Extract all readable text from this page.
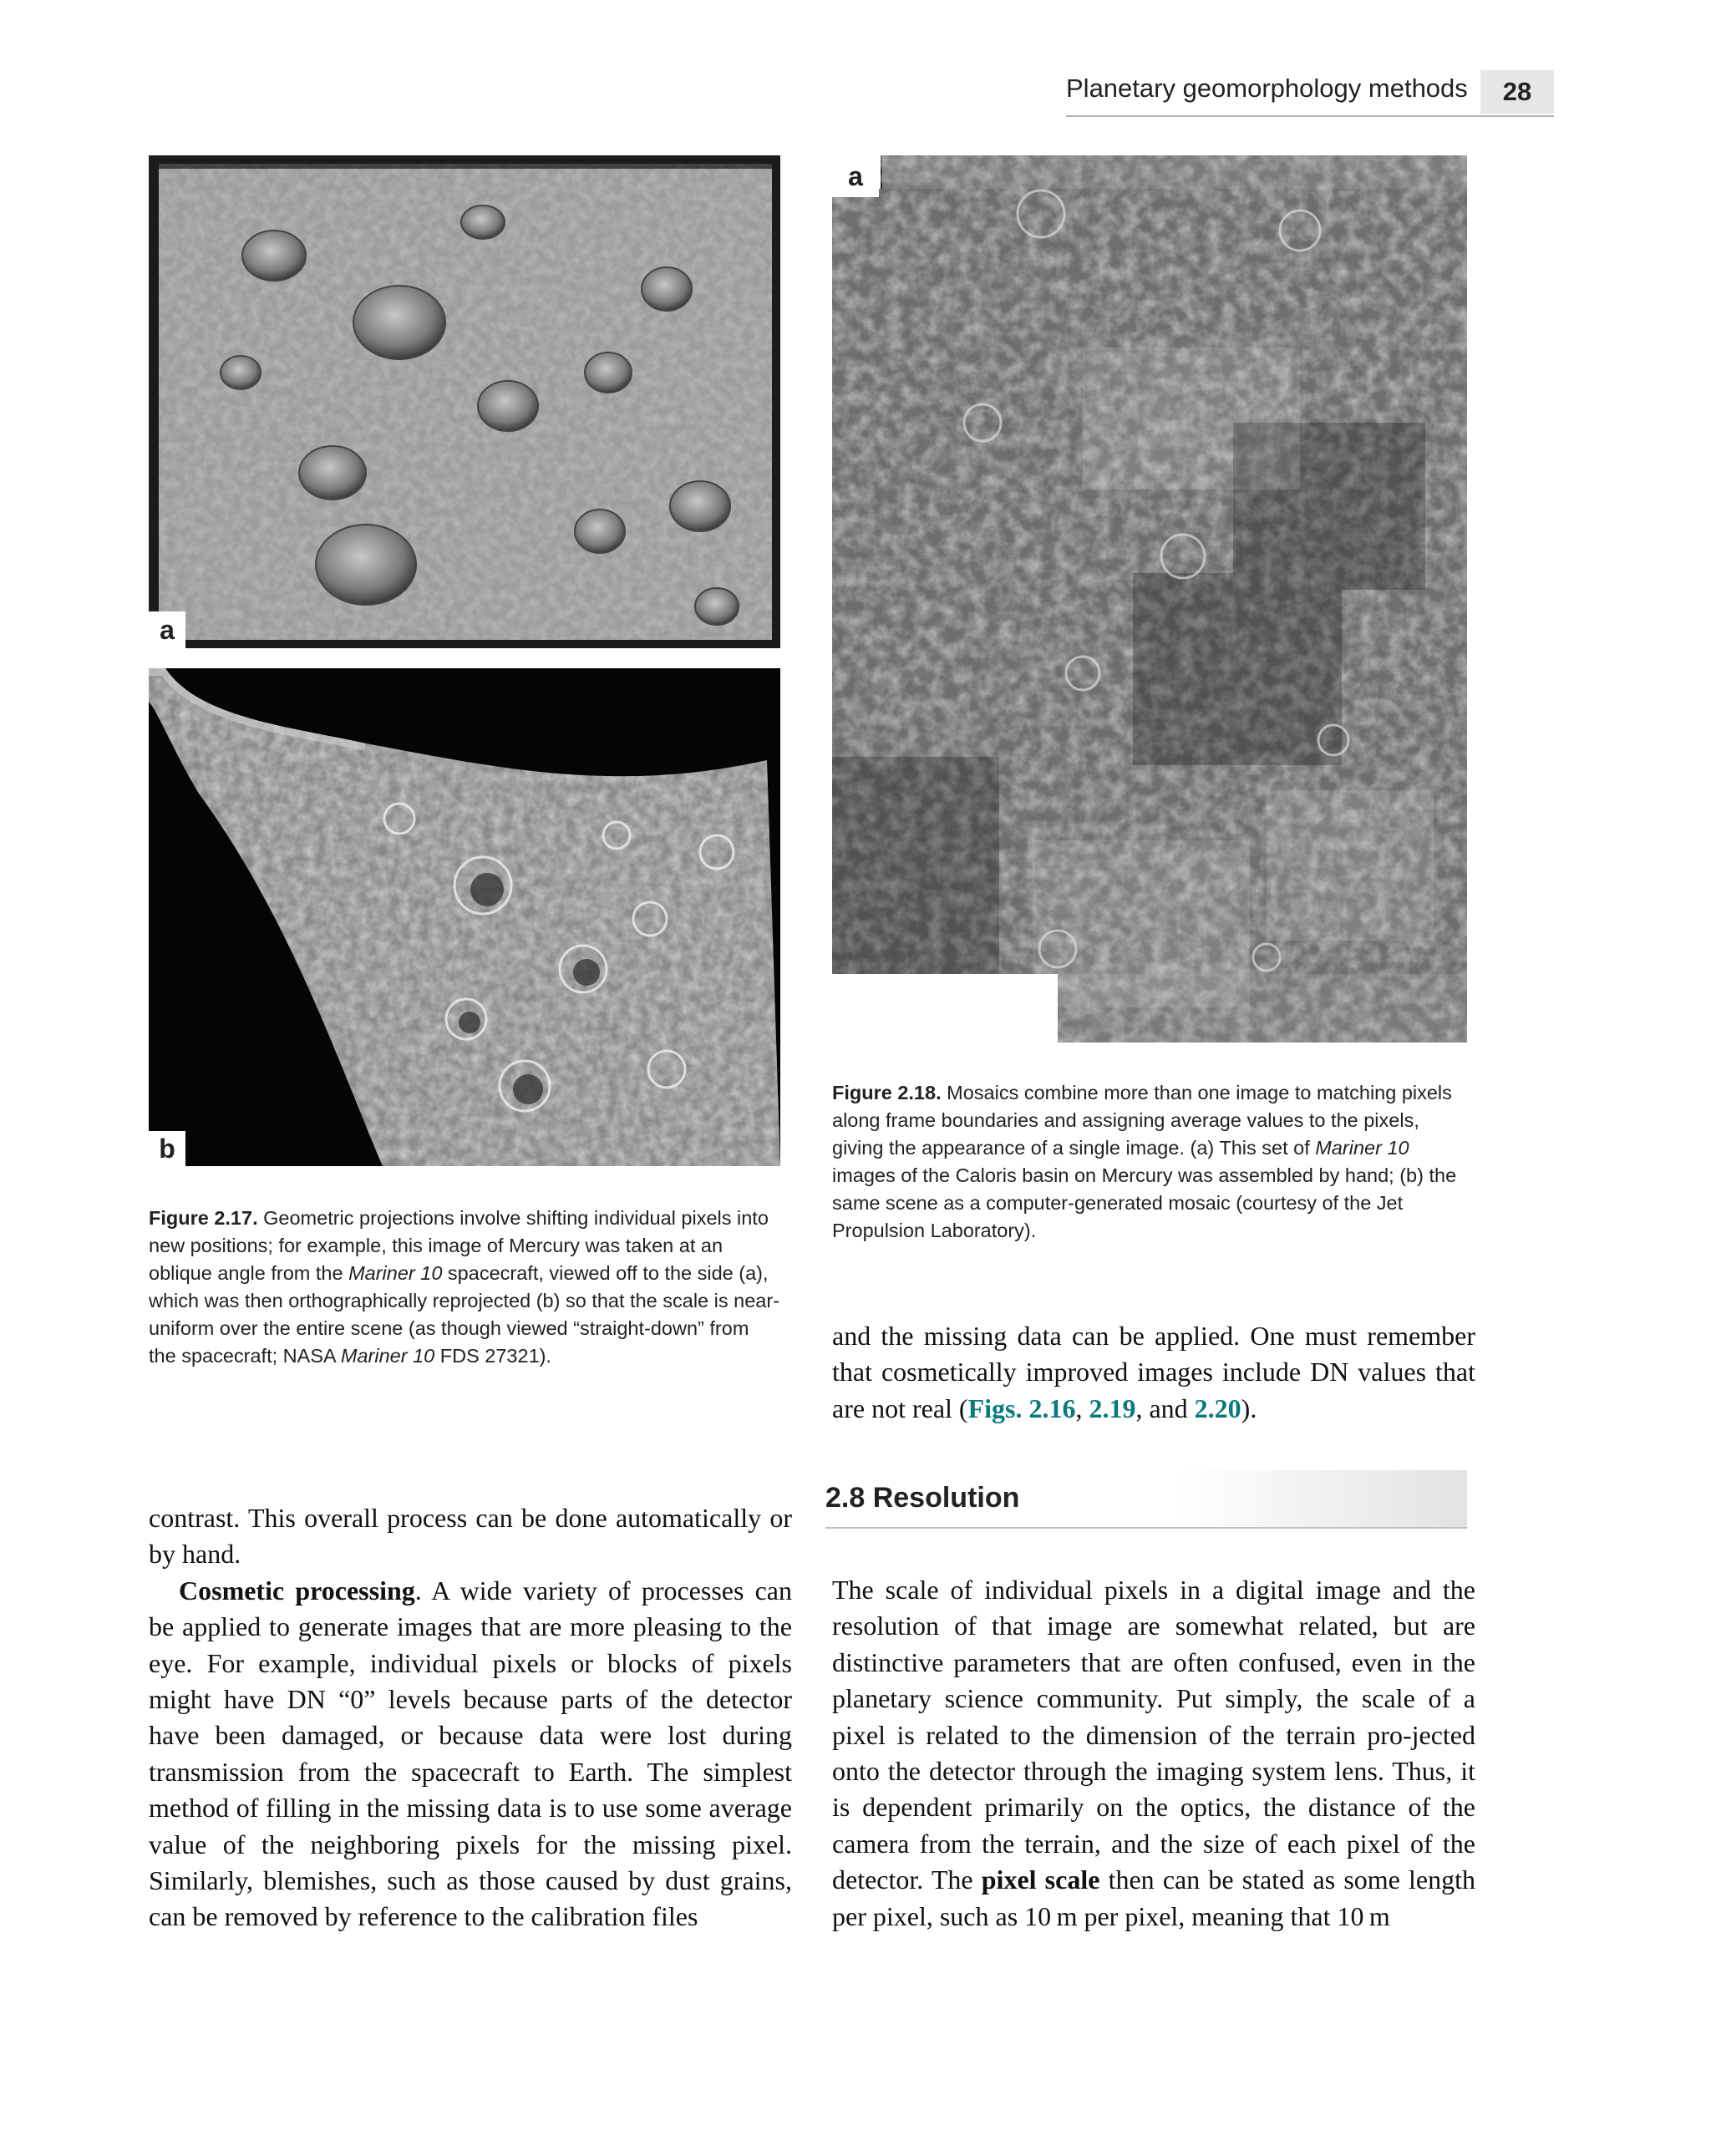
Planetary geomorphology methods	28
a
b
Figure 2.17. Geometric projections involve shifting individual pixels into new positions; for example, this image of Mercury was taken at an oblique angle from the Mariner 10 spacecraft, viewed off to the side (a), which was then orthographically reprojected (b) so that the scale is near-uniform over the entire scene (as though viewed “straight-down” from the spacecraft; NASA Mariner 10 FDS 27321).
a
Figure 2.18. Mosaics combine more than one image to matching pixels along frame boundaries and assigning average values to the pixels, giving the appearance of a single image. (a) This set of Mariner 10 images of the Caloris basin on Mercury was assembled by hand; (b) the same scene as a computer-generated mosaic (courtesy of the Jet Propulsion Laboratory).

and the missing data can be applied. One must remember that cosmetically improved images include DN values that are not real (Figs. 2.16, 2.19, and 2.20).

contrast. This overall process can be done automatically or by hand.

Cosmetic processing. A wide variety of processes can be applied to generate images that are more pleasing to the eye. For example, individual pixels or blocks of pixels might have DN “0” levels because parts of the detector have been damaged, or because data were lost during transmission from the spacecraft to Earth. The simplest method of filling in the missing data is to use some average value of the neighboring pixels for the missing pixel. Similarly, blemishes, such as those caused by dust grains, can be removed by reference to the calibration files

2.8 Resolution

The scale of individual pixels in a digital image and the resolution of that image are somewhat related, but are distinctive parameters that are often confused, even in the planetary science community. Put simply, the scale of a pixel is related to the dimension of the terrain pro-jected onto the detector through the imaging system lens. Thus, it is dependent primarily on the optics, the distance of the camera from the terrain, and the size of each pixel of the detector. The pixel scale then can be stated as some length per pixel, such as 10 m per pixel, meaning that 10 m
